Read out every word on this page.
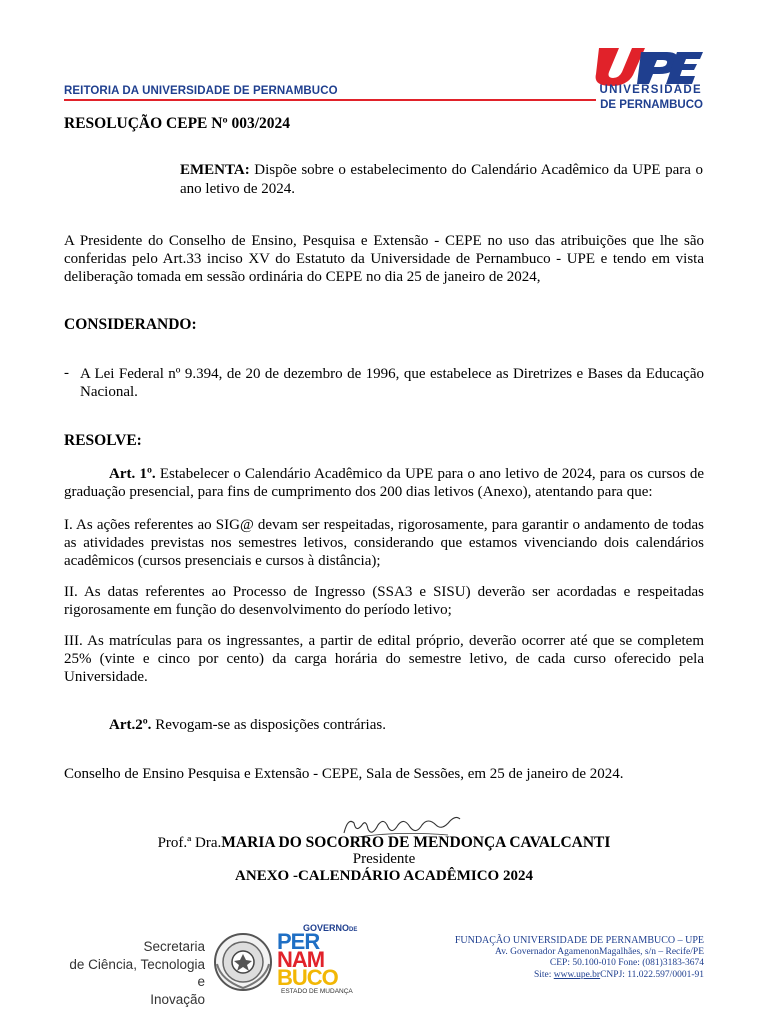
REITORIA DA UNIVERSIDADE DE PERNAMBUCO	UNIVERSIDADE
DE PERNAMBUCO
RESOLUÇÃO CEPE Nº 003/2024
EMENTA: Dispõe sobre o estabelecimento do Calendário Acadêmico da UPE para o ano letivo de 2024.
A Presidente do Conselho de Ensino, Pesquisa e Extensão - CEPE no uso das atribuições que lhe são conferidas pelo Art.33 inciso XV do Estatuto da Universidade de Pernambuco - UPE e tendo em vista deliberação tomada em sessão ordinária do CEPE no dia 25 de janeiro de 2024,
CONSIDERANDO:
- A Lei Federal nº 9.394, de 20 de dezembro de 1996, que estabelece as Diretrizes e Bases da Educação Nacional.
RESOLVE:
Art. 1º. Estabelecer o Calendário Acadêmico da UPE para o ano letivo de 2024, para os cursos de graduação presencial, para fins de cumprimento dos 200 dias letivos (Anexo), atentando para que:
I. As ações referentes ao SIG@ devam ser respeitadas, rigorosamente, para garantir o andamento de todas as atividades previstas nos semestres letivos, considerando que estamos vivenciando dois calendários acadêmicos (cursos presenciais e cursos à distância);
II. As datas referentes ao Processo de Ingresso (SSA3 e SISU) deverão ser acordadas e respeitadas rigorosamente em função do desenvolvimento do período letivo;
III. As matrículas para os ingressantes, a partir de edital próprio, deverão ocorrer até que se completem 25% (vinte e cinco por cento) da carga horária do semestre letivo, de cada curso oferecido pela Universidade.
Art.2º. Revogam-se as disposições contrárias.
Conselho de Ensino Pesquisa e Extensão - CEPE, Sala de Sessões, em 25 de janeiro de 2024.
Prof.ª Dra.MARIA DO SOCORRO DE MENDONÇA CAVALCANTI
Presidente
ANEXO -CALENDÁRIO ACADÊMICO 2024
Secretaria
de Ciência, Tecnologia e
Inovação
GOVERNODE
PER
NAM
BUCO
ESTADO DE MUDANÇA
FUNDAÇÃO UNIVERSIDADE DE PERNAMBUCO – UPE
Av. Governador AgamenonMagalhães, s/n – Recife/PE
CEP: 50.100-010 Fone: (081)3183-3674
Site: www.upe.brCNPJ: 11.022.597/0001-91
